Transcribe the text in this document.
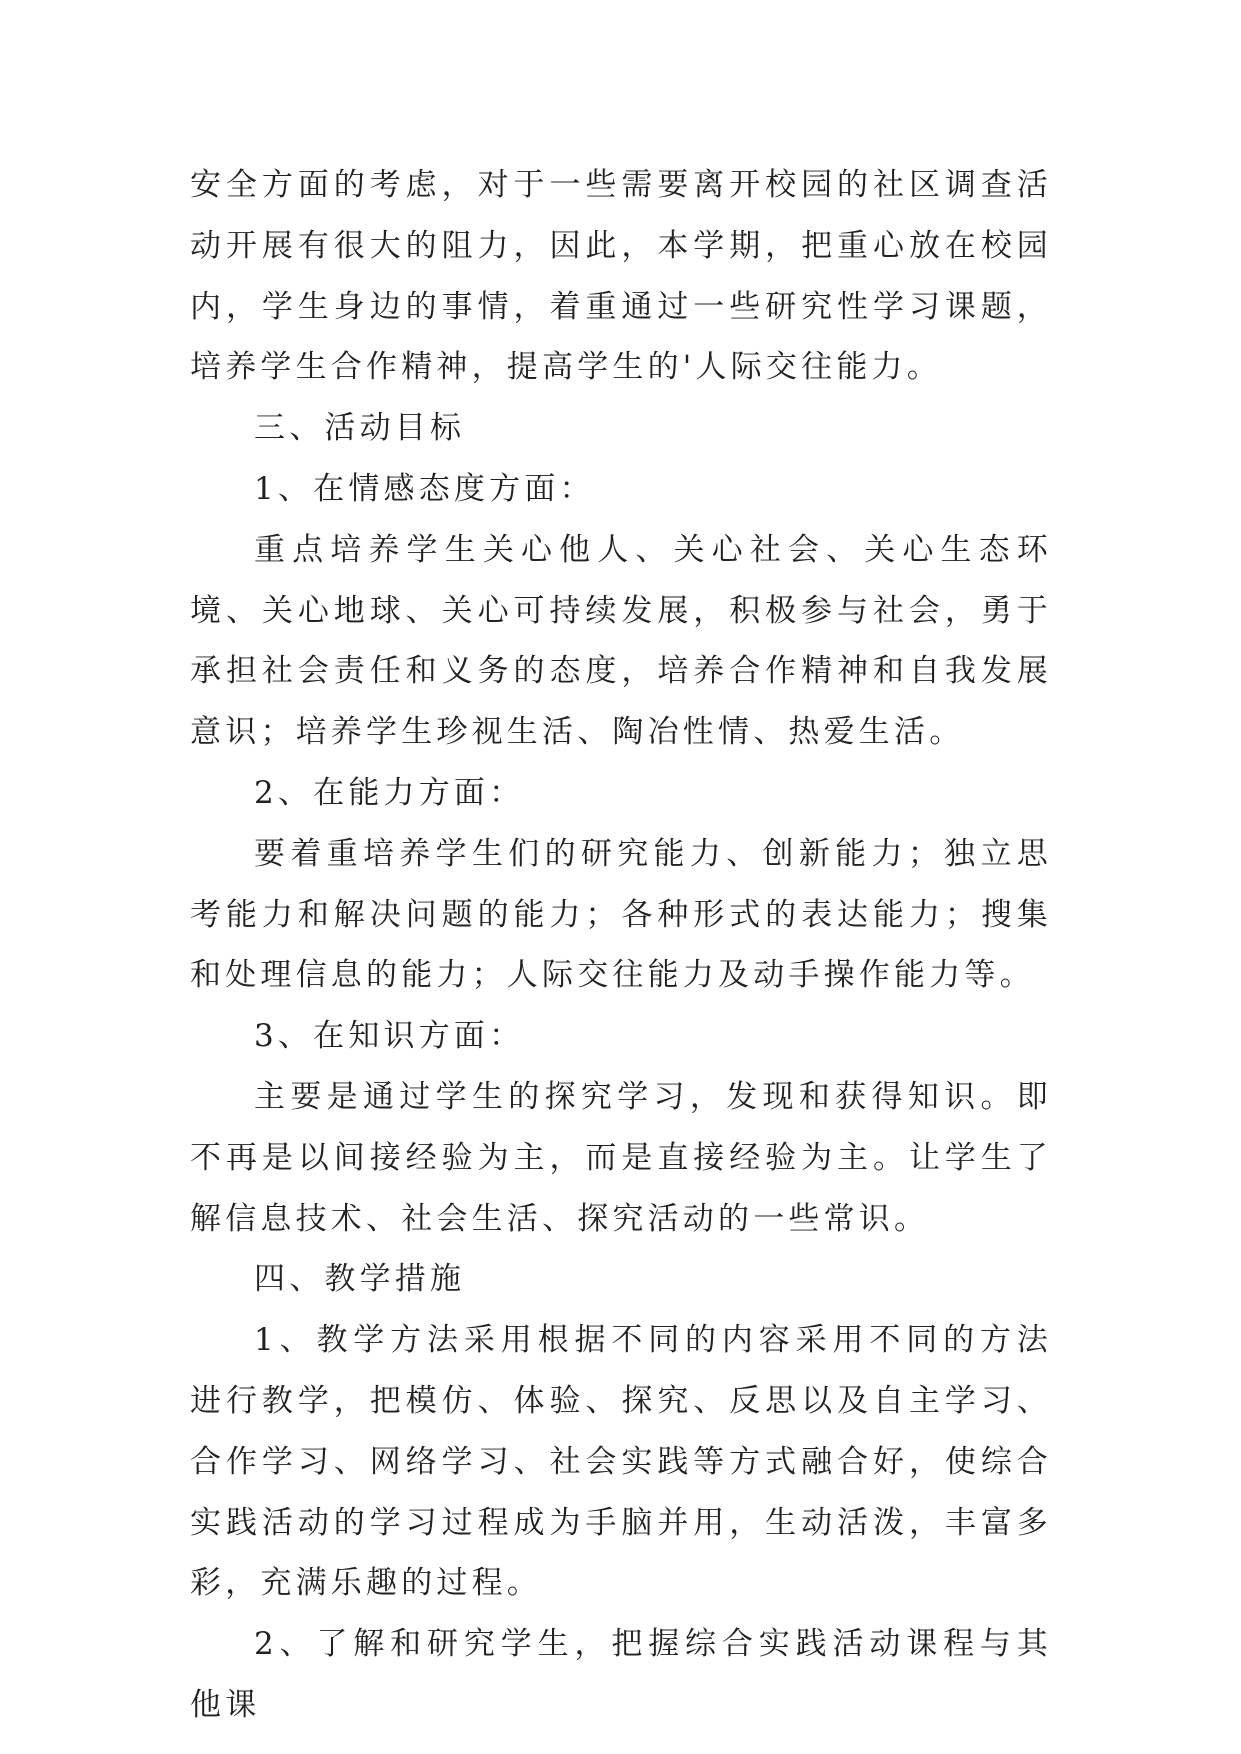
安全方面的考虑，对于一些需要离开校园的社区调查活动开展有很大的阻力，因此，本学期，把重心放在校园内，学生身边的事情，着重通过一些研究性学习课题，培养学生合作精神，提高学生的'人际交往能力。

三、活动目标

1、在情感态度方面：

重点培养学生关心他人、关心社会、关心生态环境、关心地球、关心可持续发展，积极参与社会，勇于承担社会责任和义务的态度，培养合作精神和自我发展意识；培养学生珍视生活、陶冶性情、热爱生活。

2、在能力方面：

要着重培养学生们的研究能力、创新能力；独立思考能力和解决问题的能力；各种形式的表达能力；搜集和处理信息的能力；人际交往能力及动手操作能力等。

3、在知识方面：

主要是通过学生的探究学习，发现和获得知识。即不再是以间接经验为主，而是直接经验为主。让学生了解信息技术、社会生活、探究活动的一些常识。

四、教学措施

1、教学方法采用根据不同的内容采用不同的方法进行教学，把模仿、体验、探究、反思以及自主学习、合作学习、网络学习、社会实践等方式融合好，使综合实践活动的学习过程成为手脑并用，生动活泼，丰富多彩，充满乐趣的过程。

2、了解和研究学生，把握综合实践活动课程与其他课
